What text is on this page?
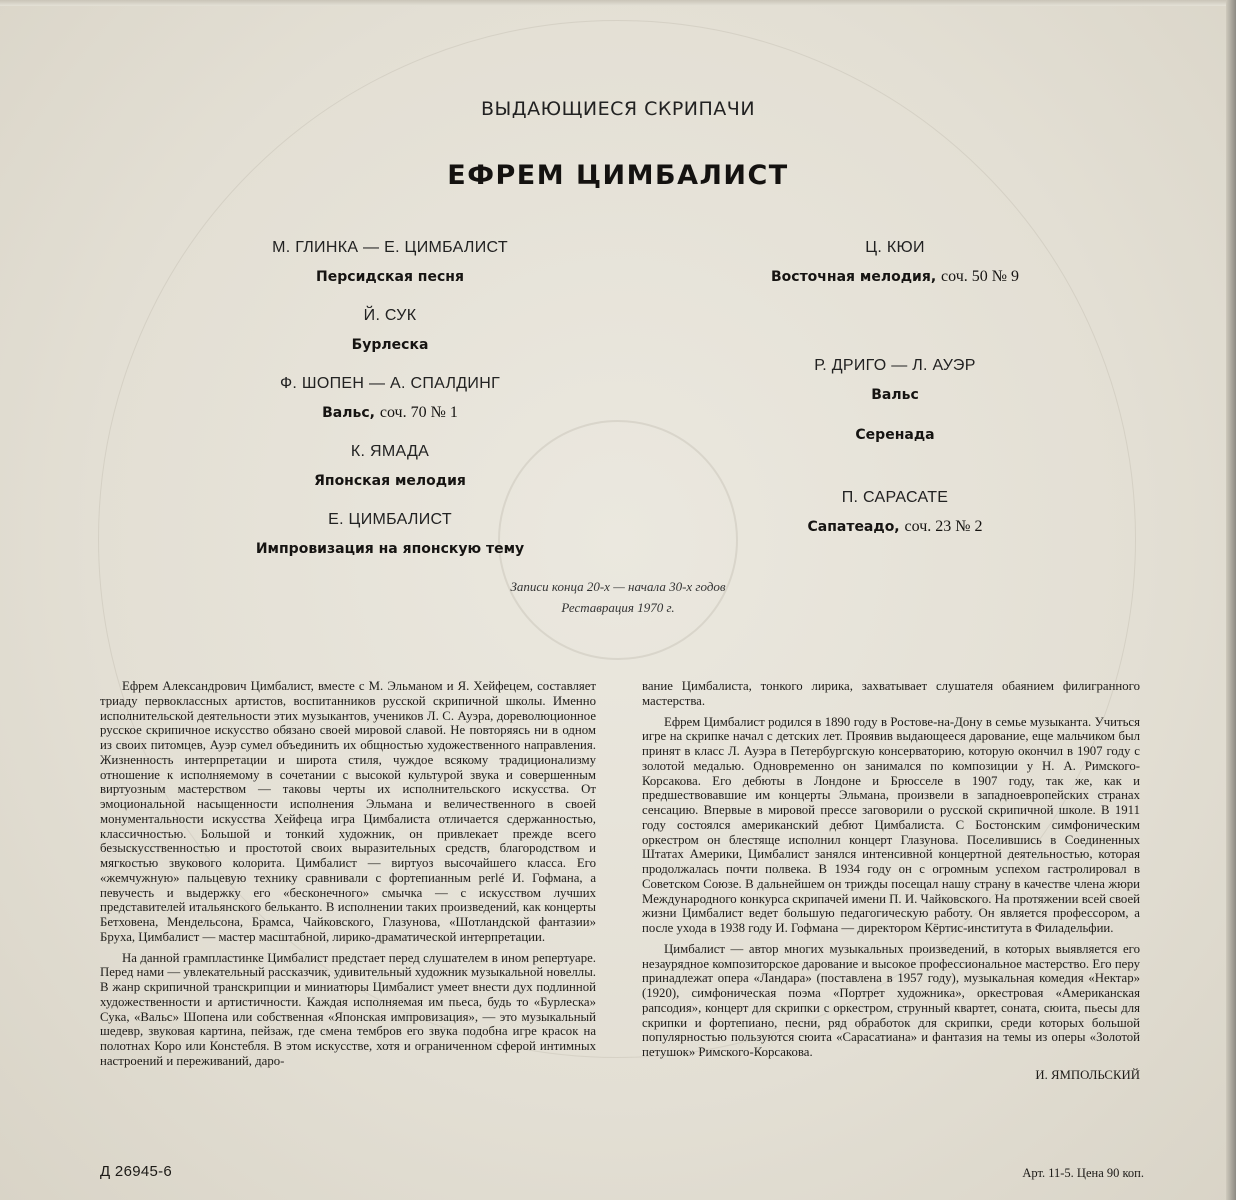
ВЫДАЮЩИЕСЯ СКРИПАЧИ
ЕФРЕМ ЦИМБАЛИСТ
М. ГЛИНКА — Е. ЦИМБАЛИСТ
Персидская песня
Й. СУК
Бурлеска
Ф. ШОПЕН — А. СПАЛДИНГ
Вальс, соч. 70 № 1
К. ЯМАДА
Японская мелодия
Е. ЦИМБАЛИСТ
Импровизация на японскую тему
Ц. КЮИ
Восточная мелодия, соч. 50 № 9
Р. ДРИГО — Л. АУЭР
Вальс
Серенада
П. САРАСАТЕ
Сапатеадо, соч. 23 № 2
Записи конца 20-х — начала 30-х годов
Реставрация 1970 г.

Ефрем Александрович Цимбалист, вместе с М. Эльманом и Я. Хейфецем, составляет триаду первоклассных артистов, воспитанников русской скрипичной школы. Именно исполнительской деятельности этих музыкантов, учеников Л. С. Ауэра, дореволюционное русское скрипичное искусство обязано своей мировой славой. Не повторяясь ни в одном из своих питомцев, Ауэр сумел объединить их общностью художественного направления. Жизненность интерпретации и широта стиля, чуждое всякому традиционализму отношение к исполняемому в сочетании с высокой культурой звука и совершенным виртуозным мастерством — таковы черты их исполнительского искусства. От эмоциональной насыщенности исполнения Эльмана и величественного в своей монументальности искусства Хейфеца игра Цимбалиста отличается сдержанностью, классичностью. Большой и тонкий художник, он привлекает прежде всего безыскусственностью и простотой своих выразительных средств, благородством и мягкостью звукового колорита. Цимбалист — виртуоз высочайшего класса. Его «жемчужную» пальцевую технику сравнивали с фортепианным perlé И. Гофмана, а певучесть и выдержку его «бесконечного» смычка — с искусством лучших представителей итальянского бельканто. В исполнении таких произведений, как концерты Бетховена, Мендельсона, Брамса, Чайковского, Глазунова, «Шотландской фантазии» Бруха, Цимбалист — мастер масштабной, лирико-драматической интерпретации.

На данной грампластинке Цимбалист предстает перед слушателем в ином репертуаре. Перед нами — увлекательный рассказчик, удивительный художник музыкальной новеллы. В жанр скрипичной транскрипции и миниатюры Цимбалист умеет внести дух подлинной художественности и артистичности. Каждая исполняемая им пьеса, будь то «Бурлеска» Сука, «Вальс» Шопена или собственная «Японская импровизация», — это музыкальный шедевр, звуковая картина, пейзаж, где смена тембров его звука подобна игре красок на полотнах Коро или Констебля. В этом искусстве, хотя и ограниченном сферой интимных настроений и переживаний, даро-

вание Цимбалиста, тонкого лирика, захватывает слушателя обаянием филигранного мастерства.

Ефрем Цимбалист родился в 1890 году в Ростове-на-Дону в семье музыканта. Учиться игре на скрипке начал с детских лет. Проявив выдающееся дарование, еще мальчиком был принят в класс Л. Ауэра в Петербургскую консерваторию, которую окончил в 1907 году с золотой медалью. Одновременно он занимался по композиции у Н. А. Римского-Корсакова. Его дебюты в Лондоне и Брюсселе в 1907 году, так же, как и предшествовавшие им концерты Эльмана, произвели в западноевропейских странах сенсацию. Впервые в мировой прессе заговорили о русской скрипичной школе. В 1911 году состоялся американский дебют Цимбалиста. С Бостонским симфоническим оркестром он блестяще исполнил концерт Глазунова. Поселившись в Соединенных Штатах Америки, Цимбалист занялся интенсивной концертной деятельностью, которая продолжалась почти полвека. В 1934 году он с огромным успехом гастролировал в Советском Союзе. В дальнейшем он трижды посещал нашу страну в качестве члена жюри Международного конкурса скрипачей имени П. И. Чайковского. На протяжении всей своей жизни Цимбалист ведет большую педагогическую работу. Он является профессором, а после ухода в 1938 году И. Гофмана — директором Кёртис-института в Филадельфии.

Цимбалист — автор многих музыкальных произведений, в которых выявляется его незаурядное композиторское дарование и высокое профессиональное мастерство. Его перу принадлежат опера «Ландара» (поставлена в 1957 году), музыкальная комедия «Нектар» (1920), симфоническая поэма «Портрет художника», оркестровая «Американская рапсодия», концерт для скрипки с оркестром, струнный квартет, соната, сюита, пьесы для скрипки и фортепиано, песни, ряд обработок для скрипки, среди которых большой популярностью пользуются сюита «Сарасатиана» и фантазия на темы из оперы «Золотой петушок» Римского-Корсакова.

И. ЯМПОЛЬСКИЙ
Д 26945-6	Арт. 11-5. Цена 90 коп.
